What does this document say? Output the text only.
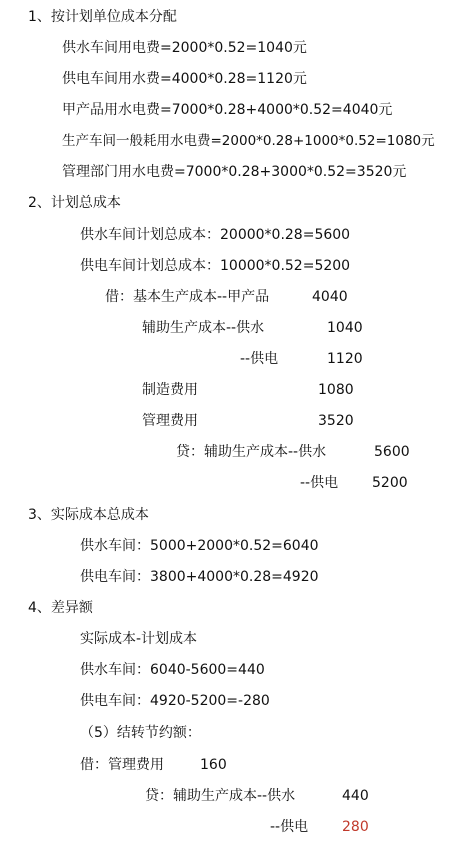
1、按计划单位成本分配
供水车间用电费=2000*0.52=1040元
供电车间用水费=4000*0.28=1120元
甲产品用水电费=7000*0.28+4000*0.52=4040元
生产车间一般耗用水电费=2000*0.28+1000*0.52=1080元
管理部门用水电费=7000*0.28+3000*0.52=3520元
2、计划总成本
供水车间计划总成本：20000*0.28=5600
供电车间计划总成本：10000*0.52=5200
借：基本生产成本--甲产品	4040
辅助生产成本--供水	1040
--供电	1120
制造费用	1080
管理费用	3520
贷：辅助生产成本--供水	5600
--供电 5200
3、实际成本总成本
供水车间：5000+2000*0.52=6040
供电车间：3800+4000*0.28=4920
4、差异额
实际成本-计划成本
供水车间：6040-5600=440
供电车间：4920-5200=-280
（5）结转节约额：
借：管理费用	160
贷：辅助生产成本--供水	440
--供电 280
